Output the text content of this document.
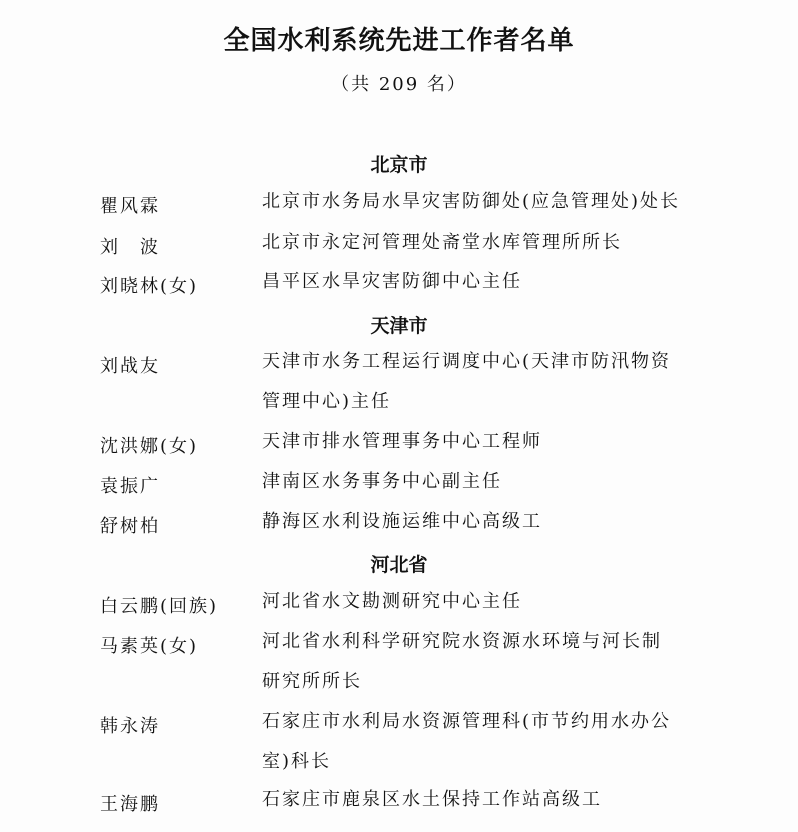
全国水利系统先进工作者名单
（共 209 名）
北京市
瞿风霖	北京市水务局水旱灾害防御处(应急管理处)处长
刘　波	北京市永定河管理处斋堂水库管理所所长
刘晓林(女)	昌平区水旱灾害防御中心主任
天津市
刘战友	天津市水务工程运行调度中心(天津市防汛物资
管理中心)主任
沈洪娜(女)	天津市排水管理事务中心工程师
袁振广	津南区水务事务中心副主任
舒树柏	静海区水利设施运维中心高级工
河北省
白云鹏(回族) 河北省水文勘测研究中心主任
马素英(女)	河北省水利科学研究院水资源水环境与河长制
研究所所长
韩永涛	石家庄市水利局水资源管理科(市节约用水办公
室)科长
王海鹏	石家庄市鹿泉区水土保持工作站高级工
